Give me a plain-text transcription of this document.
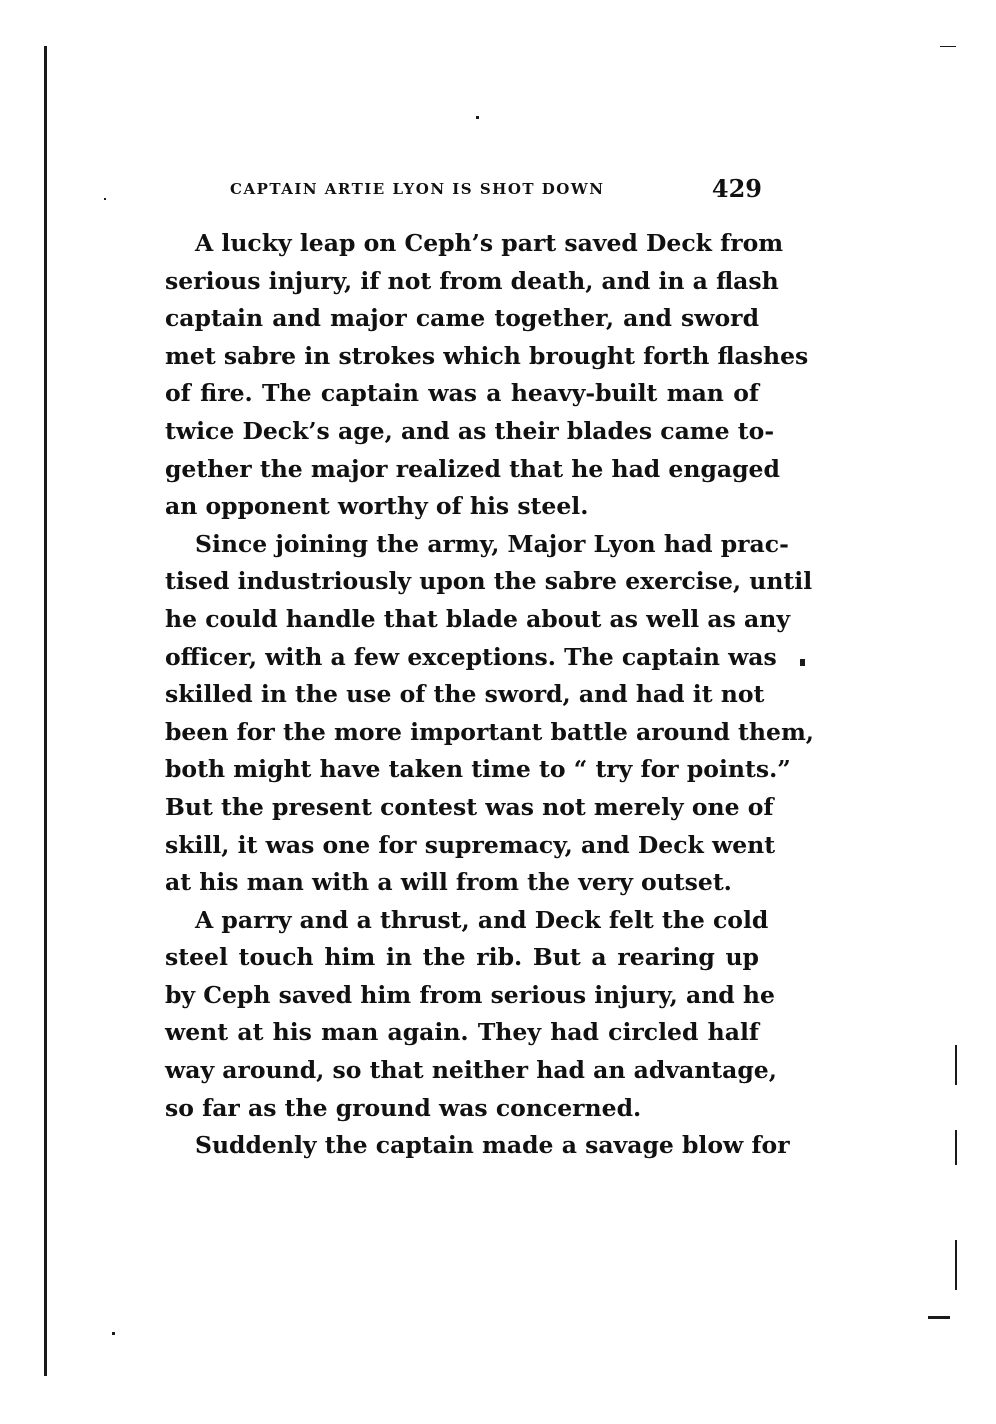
CAPTAIN ARTIE LYON IS SHOT DOWN	429
A lucky leap on Ceph’s part saved Deck from
serious injury, if not from death, and in a flash
captain and major came together, and sword
met sabre in strokes which brought forth flashes
of fire. The captain was a heavy-built man of
twice Deck’s age, and as their blades came to-
gether the major realized that he had engaged
an opponent worthy of his steel.
Since joining the army, Major Lyon had prac-
tised industriously upon the sabre exercise, until
he could handle that blade about as well as any
officer, with a few exceptions. The captain was
skilled in the use of the sword, and had it not
been for the more important battle around them,
both might have taken time to “ try for points.”
But the present contest was not merely one of
skill, it was one for supremacy, and Deck went
at his man with a will from the very outset.
A parry and a thrust, and Deck felt the cold
steel touch him in the rib. But a rearing up
by Ceph saved him from serious injury, and he
went at his man again. They had circled half
way around, so that neither had an advantage,
so far as the ground was concerned.
Suddenly the captain made a savage blow for
